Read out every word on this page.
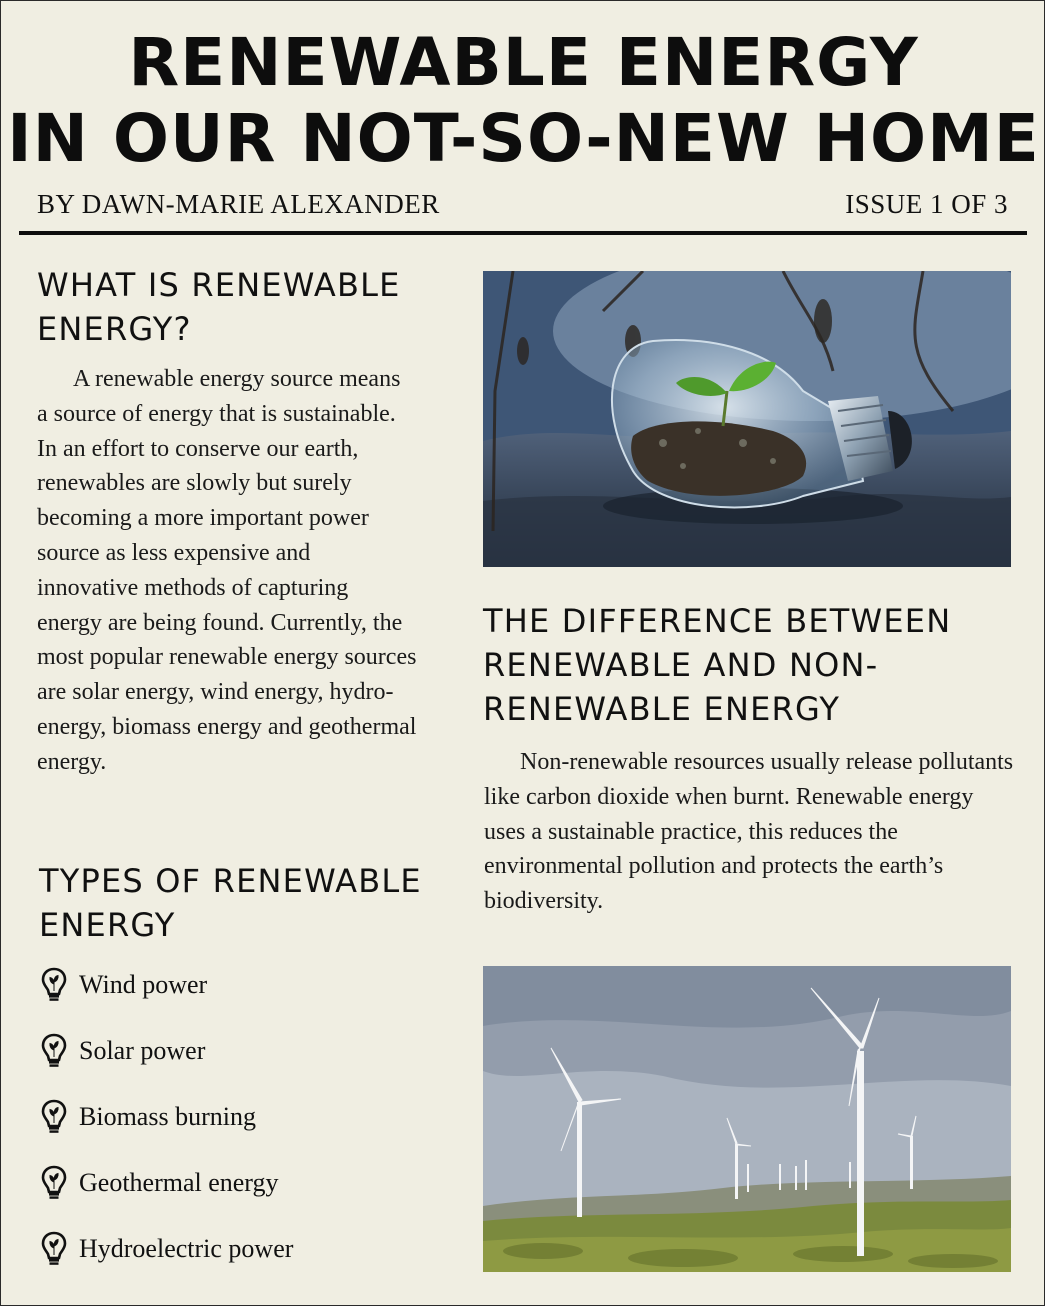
RENEWABLE ENERGY
IN OUR NOT-SO-NEW HOME
BY DAWN-MARIE ALEXANDER	ISSUE 1 OF 3
WHAT IS RENEWABLE ENERGY?

A renewable energy source means a source of energy that is sustainable. In an effort to conserve our earth, renewables are slowly but surely becoming a more important power source as less expensive and innovative methods of capturing energy are being found. Currently, the most popular renewable energy sources are solar energy, wind energy, hydro-energy, biomass energy and geothermal energy.

TYPES OF RENEWABLE ENERGY
Wind power
Solar power
Biomass burning
Geothermal energy
Hydroelectric power
THE DIFFERENCE BETWEEN RENEWABLE AND NON-RENEWABLE ENERGY

Non-renewable resources usually release pollutants like carbon dioxide when burnt. Renewable energy uses a sustainable practice, this reduces the environmental pollution and protects the earth’s biodiversity.
